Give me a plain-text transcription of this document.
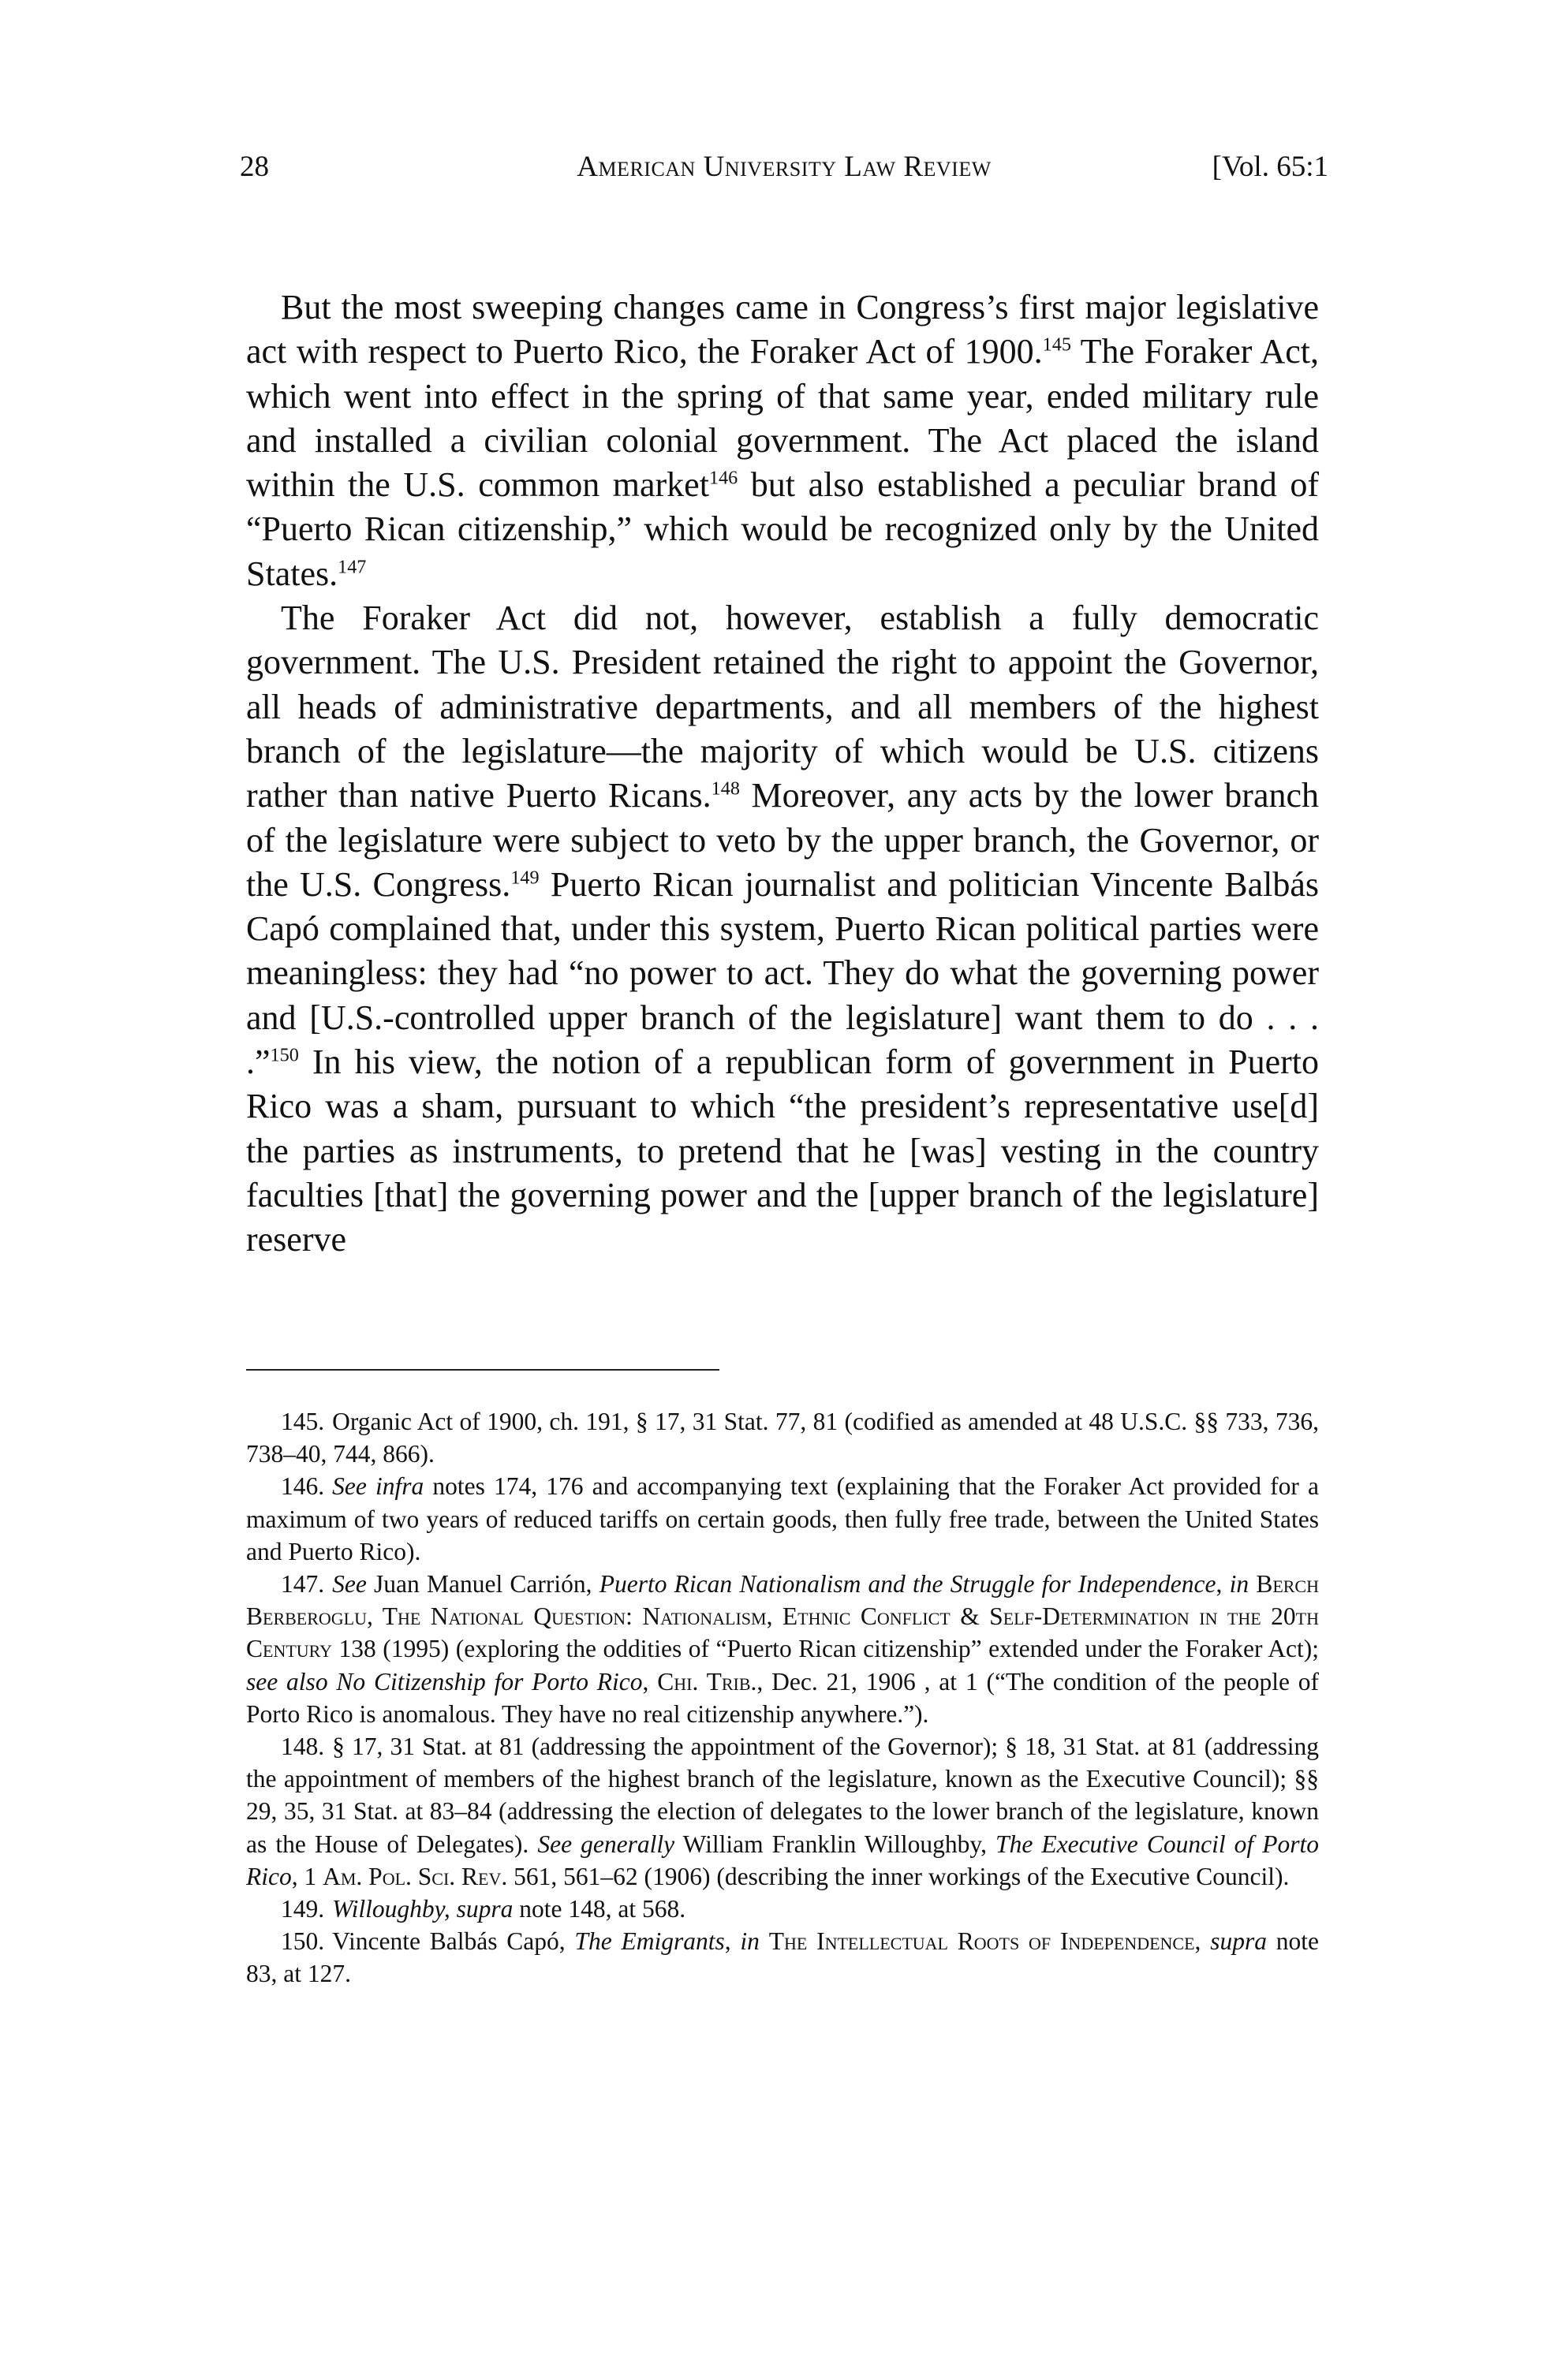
28	American University Law Review	[Vol. 65:1

But the most sweeping changes came in Congress’s first major legislative act with respect to Puerto Rico, the Foraker Act of 1900.$^{145}$ The Foraker Act, which went into effect in the spring of that same year, ended military rule and installed a civilian colonial government. The Act placed the island within the U.S. common market$^{146}$ but also established a peculiar brand of “Puerto Rican citizenship,” which would be recognized only by the United States.$^{147}$

The Foraker Act did not, however, establish a fully democratic government. The U.S. President retained the right to appoint the Governor, all heads of administrative departments, and all members of the highest branch of the legislature—the majority of which would be U.S. citizens rather than native Puerto Ricans.$^{148}$ Moreover, any acts by the lower branch of the legislature were subject to veto by the upper branch, the Governor, or the U.S. Congress.$^{149}$ Puerto Rican journalist and politician Vincente Balbás Capó complained that, under this system, Puerto Rican political parties were meaningless: they had “no power to act. They do what the governing power and [U.S.-controlled upper branch of the legislature] want them to do . . . .”$^{150}$ In his view, the notion of a republican form of government in Puerto Rico was a sham, pursuant to which “the president’s representative use[d] the parties as instruments, to pretend that he [was] vesting in the country faculties [that] the governing power and the [upper branch of the legislature] reserve

145. Organic Act of 1900, ch. 191, § 17, 31 Stat. 77, 81 (codified as amended at 48 U.S.C. §§ 733, 736, 738–40, 744, 866).

146. See infra notes 174, 176 and accompanying text (explaining that the Foraker Act provided for a maximum of two years of reduced tariffs on certain goods, then fully free trade, between the United States and Puerto Rico).

147. See Juan Manuel Carrión, Puerto Rican Nationalism and the Struggle for Independence, in Berch Berberoglu, The National Question: Nationalism, Ethnic Conflict & Self-Determination in the 20th Century 138 (1995) (exploring the oddities of “Puerto Rican citizenship” extended under the Foraker Act); see also No Citizenship for Porto Rico, Chi. Trib., Dec. 21, 1906 , at 1 (“The condition of the people of Porto Rico is anomalous. They have no real citizenship anywhere.”).

148. § 17, 31 Stat. at 81 (addressing the appointment of the Governor); § 18, 31 Stat. at 81 (addressing the appointment of members of the highest branch of the legislature, known as the Executive Council); §§ 29, 35, 31 Stat. at 83–84 (addressing the election of delegates to the lower branch of the legislature, known as the House of Delegates). See generally William Franklin Willoughby, The Executive Council of Porto Rico, 1 Am. Pol. Sci. Rev. 561, 561–62 (1906) (describing the inner workings of the Executive Council).

149. Willoughby, supra note 148, at 568.

150. Vincente Balbás Capó, The Emigrants, in The Intellectual Roots of Independence, supra note 83, at 127.
